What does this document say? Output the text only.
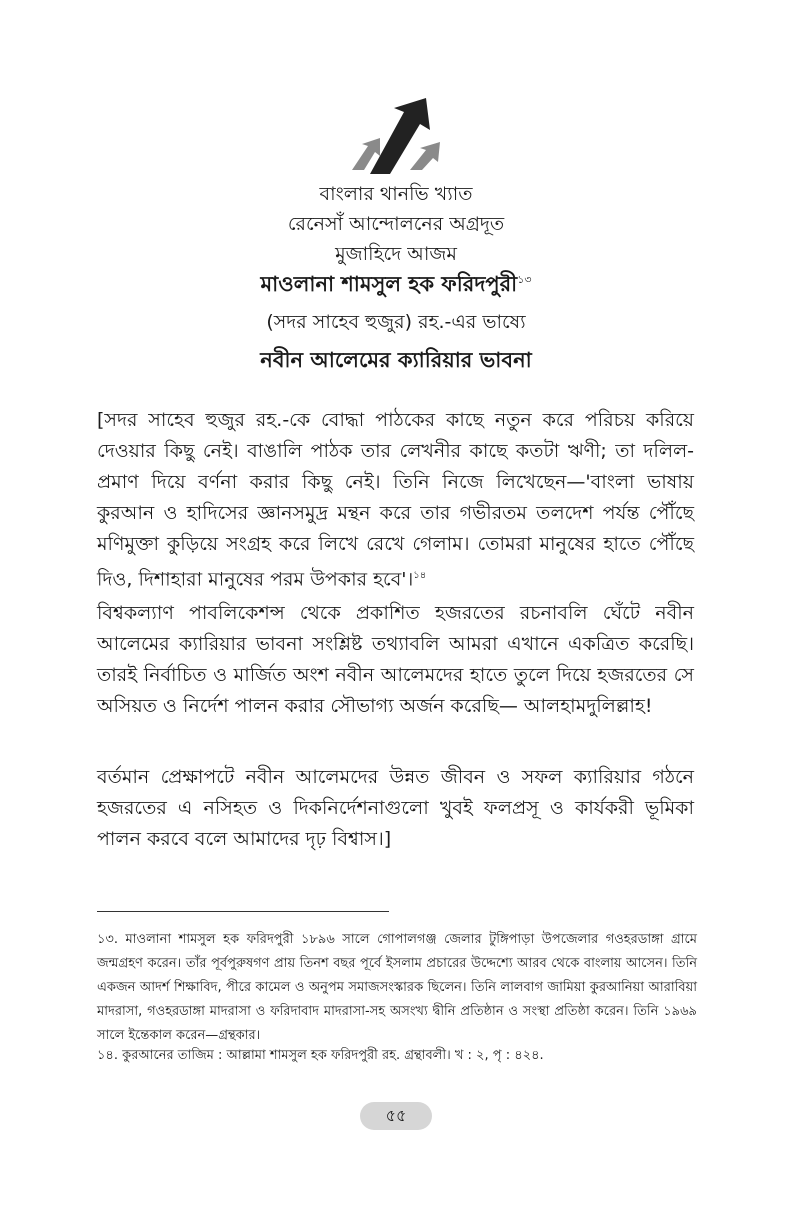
বাংলার থানভি খ্যাত

রেনেসাঁ আন্দোলনের অগ্রদূত

মুজাহিদে আজম

মাওলানা শামসুল হক ফরিদপুরী$^{১৩}$

(সদর সাহেব হুজুর) রহ.-এর ভাষ্যে

নবীন আলেমের ক্যারিয়ার ভাবনা

[সদর সাহেব হুজুর রহ.-কে বোদ্ধা পাঠকের কাছে নতুন করে পরিচয় করিয়ে দেওয়ার কিছু নেই। বাঙালি পাঠক তার লেখনীর কাছে কতটা ঋণী; তা দলিল-প্রমাণ দিয়ে বর্ণনা করার কিছু নেই। তিনি নিজে লিখেছেন—'বাংলা ভাষায় কুরআন ও হাদিসের জ্ঞানসমুদ্র মন্থন করে তার গভীরতম তলদেশ পর্যন্ত পৌঁছে মণিমুক্তা কুড়িয়ে সংগ্রহ করে লিখে রেখে গেলাম। তোমরা মানুষের হাতে পৌঁছে দিও, দিশাহারা মানুষের পরম উপকার হবে'।$^{১৪}$

বিশ্বকল্যাণ পাবলিকেশন্স থেকে প্রকাশিত হজরতের রচনাবলি ঘেঁটে নবীন আলেমের ক্যারিয়ার ভাবনা সংশ্লিষ্ট তথ্যাবলি আমরা এখানে একত্রিত করেছি। তারই নির্বাচিত ও মার্জিত অংশ নবীন আলেমদের হাতে তুলে দিয়ে হজরতের সে অসিয়ত ও নির্দেশ পালন করার সৌভাগ্য অর্জন করেছি— আলহামদুলিল্লাহ!

বর্তমান প্রেক্ষাপটে নবীন আলেমদের উন্নত জীবন ও সফল ক্যারিয়ার গঠনে হজরতের এ নসিহত ও দিকনির্দেশনাগুলো খুবই ফলপ্রসূ ও কার্যকরী ভূমিকা পালন করবে বলে আমাদের দৃঢ় বিশ্বাস।]

১৩. মাওলানা শামসুল হক ফরিদপুরী ১৮৯৬ সালে গোপালগঞ্জ জেলার টুঙ্গিপাড়া উপজেলার গওহরডাঙ্গা গ্রামে জন্মগ্রহণ করেন। তাঁর পূর্বপুরুষগণ প্রায় তিনশ বছর পূর্বে ইসলাম প্রচারের উদ্দেশ্যে আরব থেকে বাংলায় আসেন। তিনি একজন আদর্শ শিক্ষাবিদ, পীরে কামেল ও অনুপম সমাজসংস্কারক ছিলেন। তিনি লালবাগ জামিয়া কুরআনিয়া আরাবিয়া মাদরাসা, গওহরডাঙ্গা মাদরাসা ও ফরিদাবাদ মাদরাসা-সহ অসংখ্য দ্বীনি প্রতিষ্ঠান ও সংস্থা প্রতিষ্ঠা করেন। তিনি ১৯৬৯ সালে ইন্তেকাল করেন—গ্রন্থকার।

১৪. কুরআনের তাজিম : আল্লামা শামসুল হক ফরিদপুরী রহ. গ্রন্থাবলী। খ : ২, পৃ : ৪২৪.

৫৫
